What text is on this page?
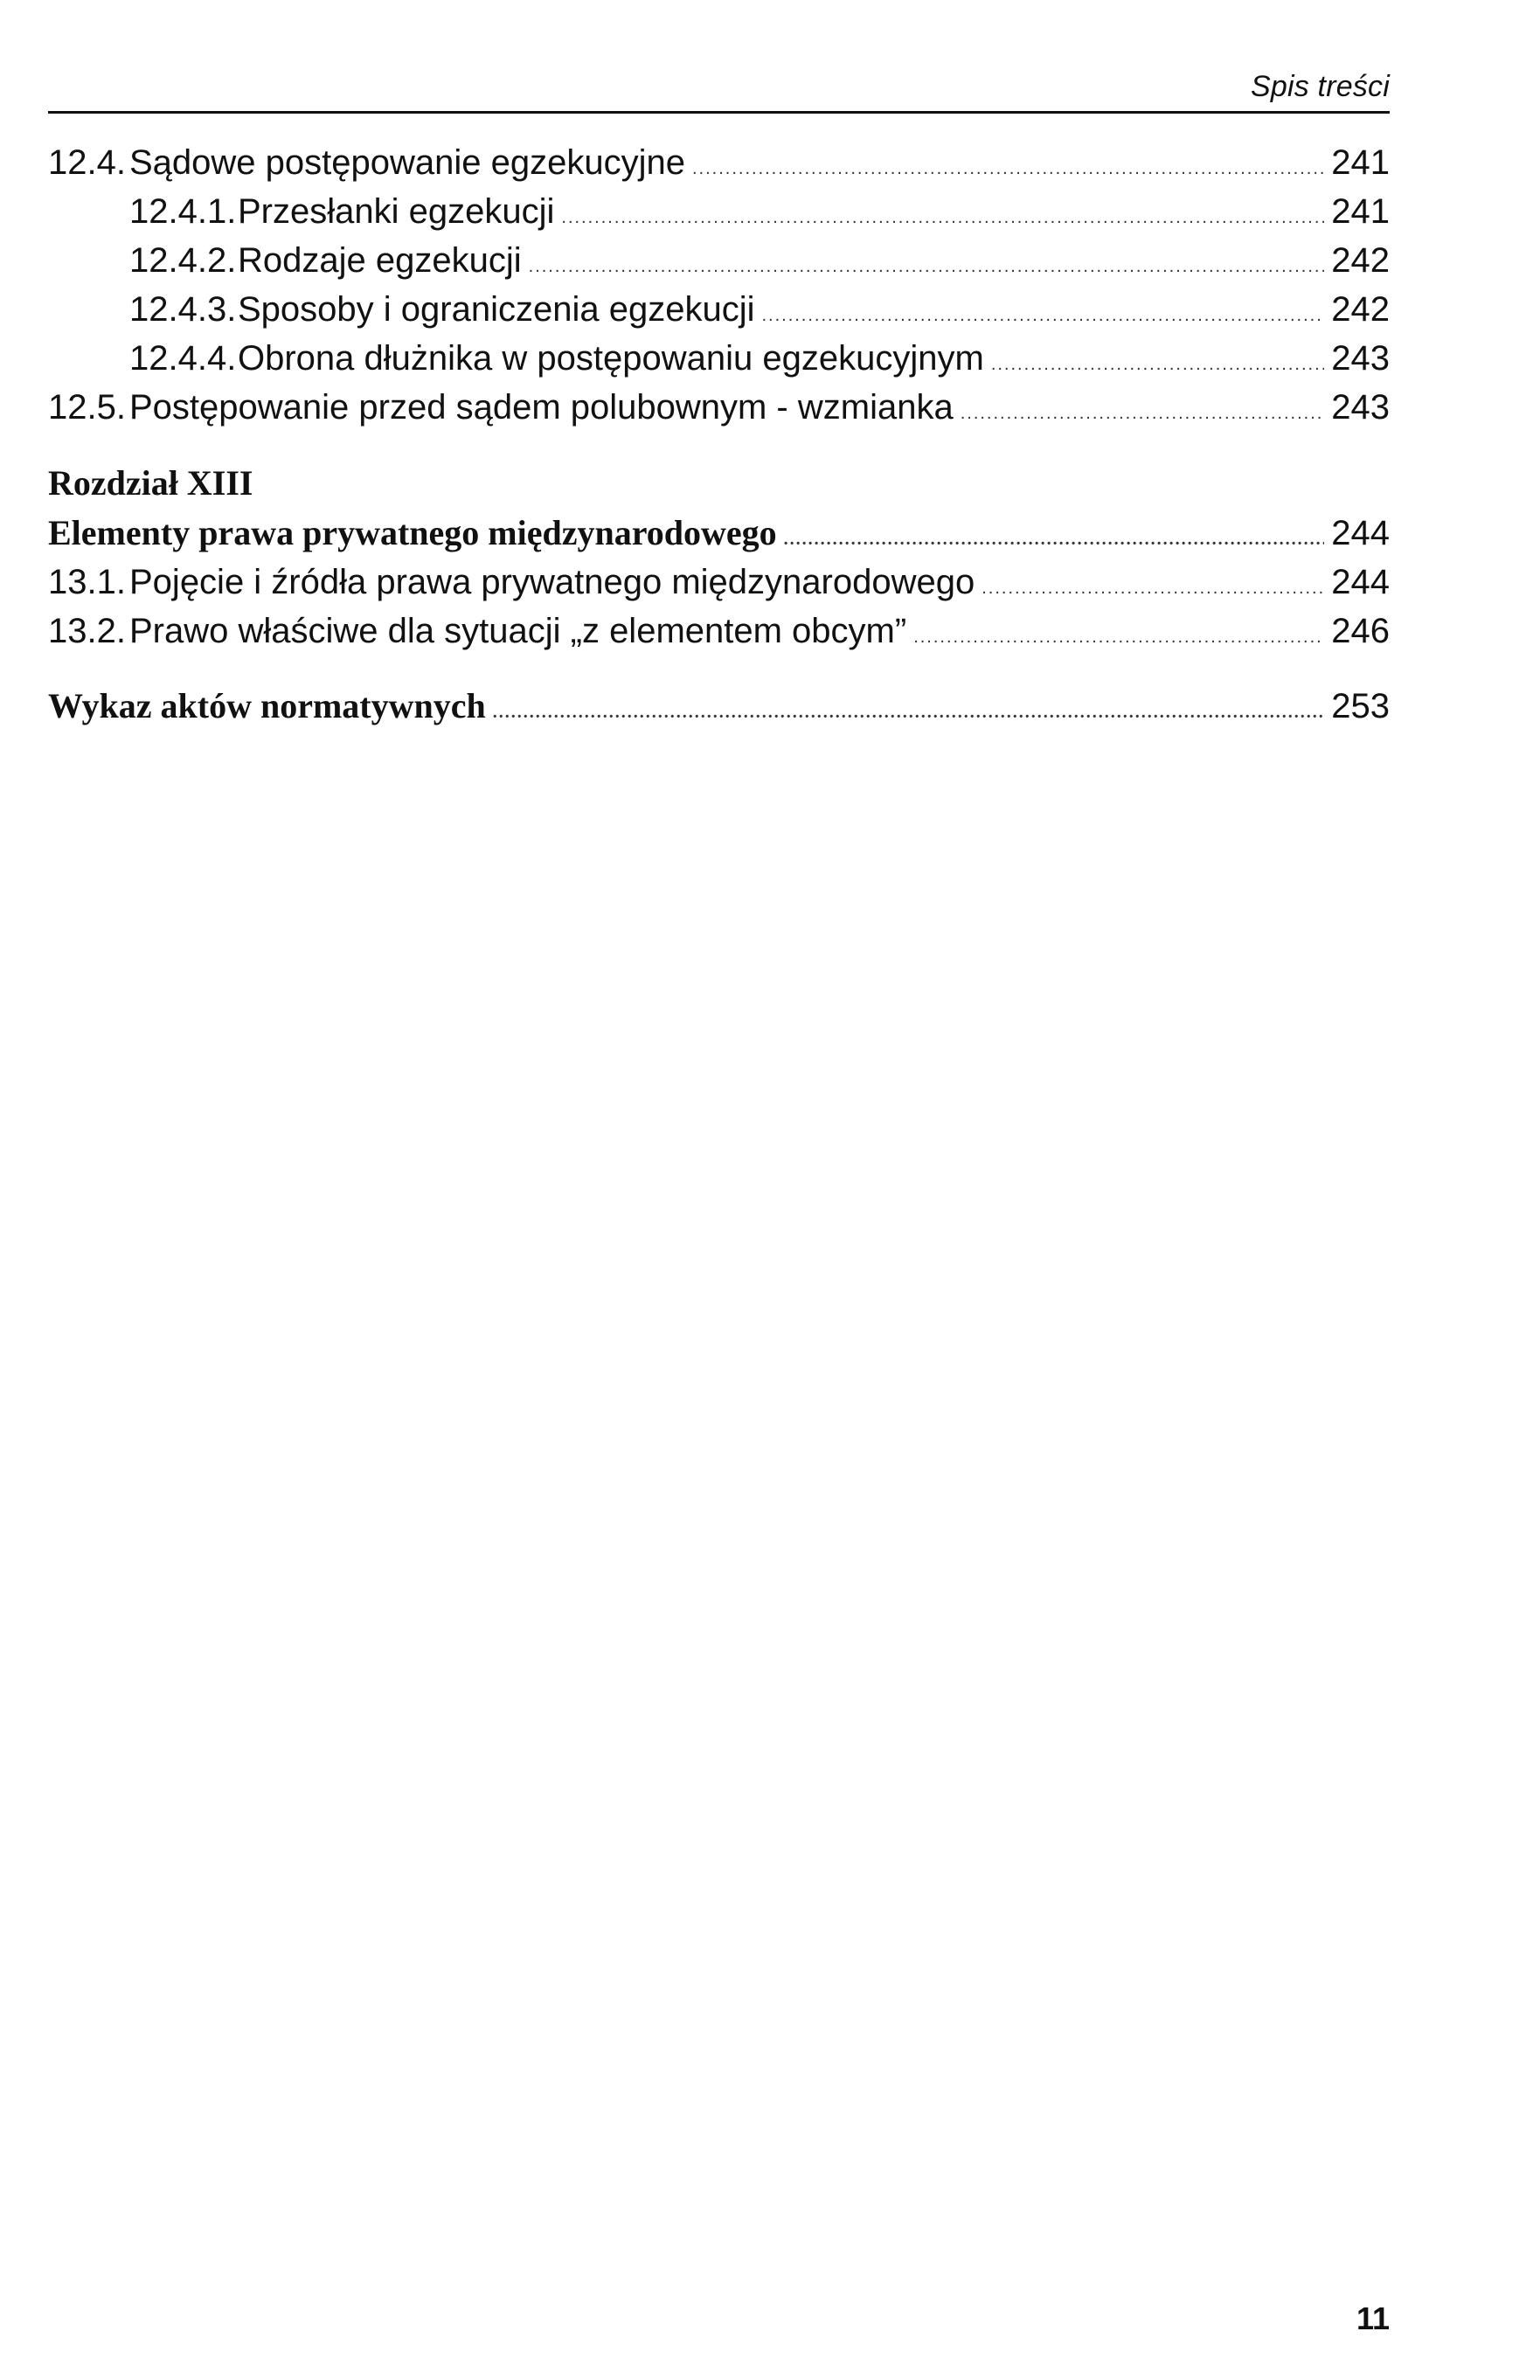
Spis treści
12.4. Sądowe postępowanie egzekucyjne .....	241
12.4.1. Przesłanki egzekucji .....	241
12.4.2. Rodzaje egzekucji .....	242
12.4.3. Sposoby i ograniczenia egzekucji .....	242
12.4.4. Obrona dłużnika w postępowaniu egzekucyjnym .....	243
12.5. Postępowanie przed sądem polubownym - wzmianka .....	243
Rozdział XIII
Elementy prawa prywatnego międzynarodowego .....	244
13.1. Pojęcie i źródła prawa prywatnego międzynarodowego .....	244
13.2. Prawo właściwe dla sytuacji „z elementem obcym” .....	246
Wykaz aktów normatywnych .....	253
11
